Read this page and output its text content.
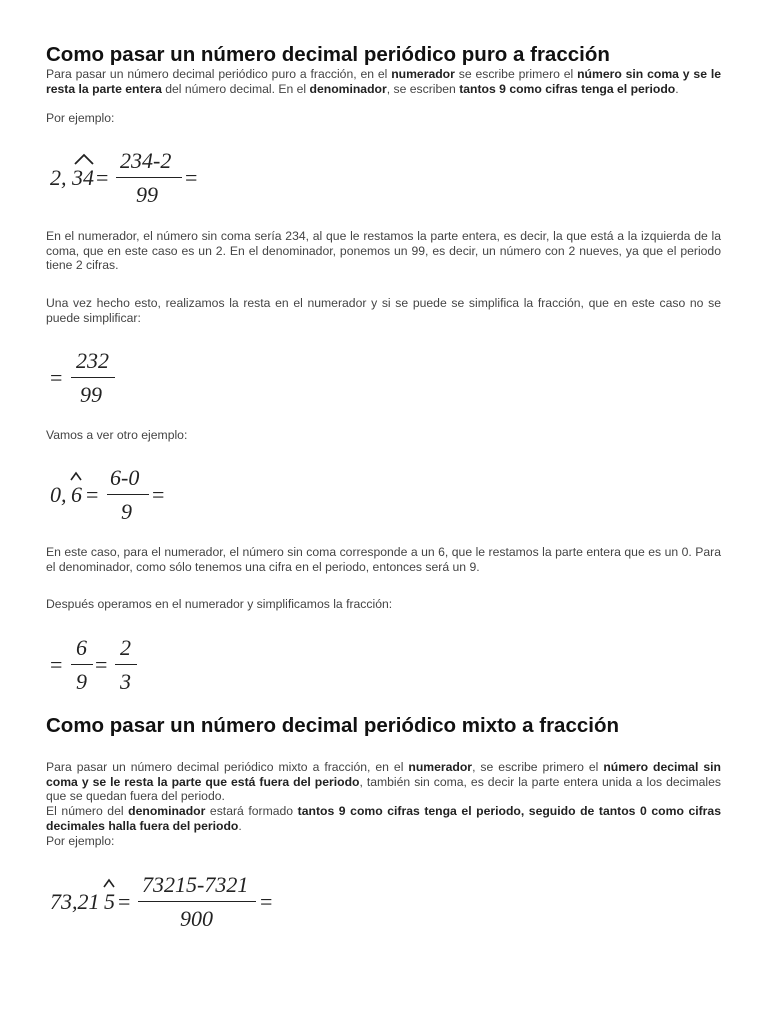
Como pasar un número decimal periódico puro a fracción

Para pasar un número decimal periódico puro a fracción, en el numerador se escribe primero el número sin coma y se le resta la parte entera del número decimal. En el denominador, se escriben tantos 9 como cifras tenga el periodo.

Por ejemplo:

2, 34 =
234-2
99
=

En el numerador, el número sin coma sería 234, al que le restamos la parte entera, es decir, la que está a la izquierda de la coma, que en este caso es un 2. En el denominador, ponemos un 99, es decir, un número con 2 nueves, ya que el periodo tiene 2 cifras.

Una vez hecho esto, realizamos la resta en el numerador y si se puede se simplifica la fracción, que en este caso no se puede simplificar:

=
232
99

Vamos a ver otro ejemplo:

0, 6 =
6-0
9
=

En este caso, para el numerador, el número sin coma corresponde a un 6, que le restamos la parte entera que es un 0. Para el denominador, como sólo tenemos una cifra en el periodo, entonces será un 9.

Después operamos en el numerador y simplificamos la fracción:

=
6
9
=
2
3
Como pasar un número decimal periódico mixto a fracción

Para pasar un número decimal periódico mixto a fracción, en el numerador, se escribe primero el número decimal sin coma y se le resta la parte que está fuera del periodo, también sin coma, es decir la parte entera unida a los decimales que se quedan fuera del periodo.

El número del denominador estará formado tantos 9 como cifras tenga el periodo, seguido de tantos 0 como cifras decimales halla fuera del periodo.

Por ejemplo:

73,21 5 =
73215-7321
900
=
